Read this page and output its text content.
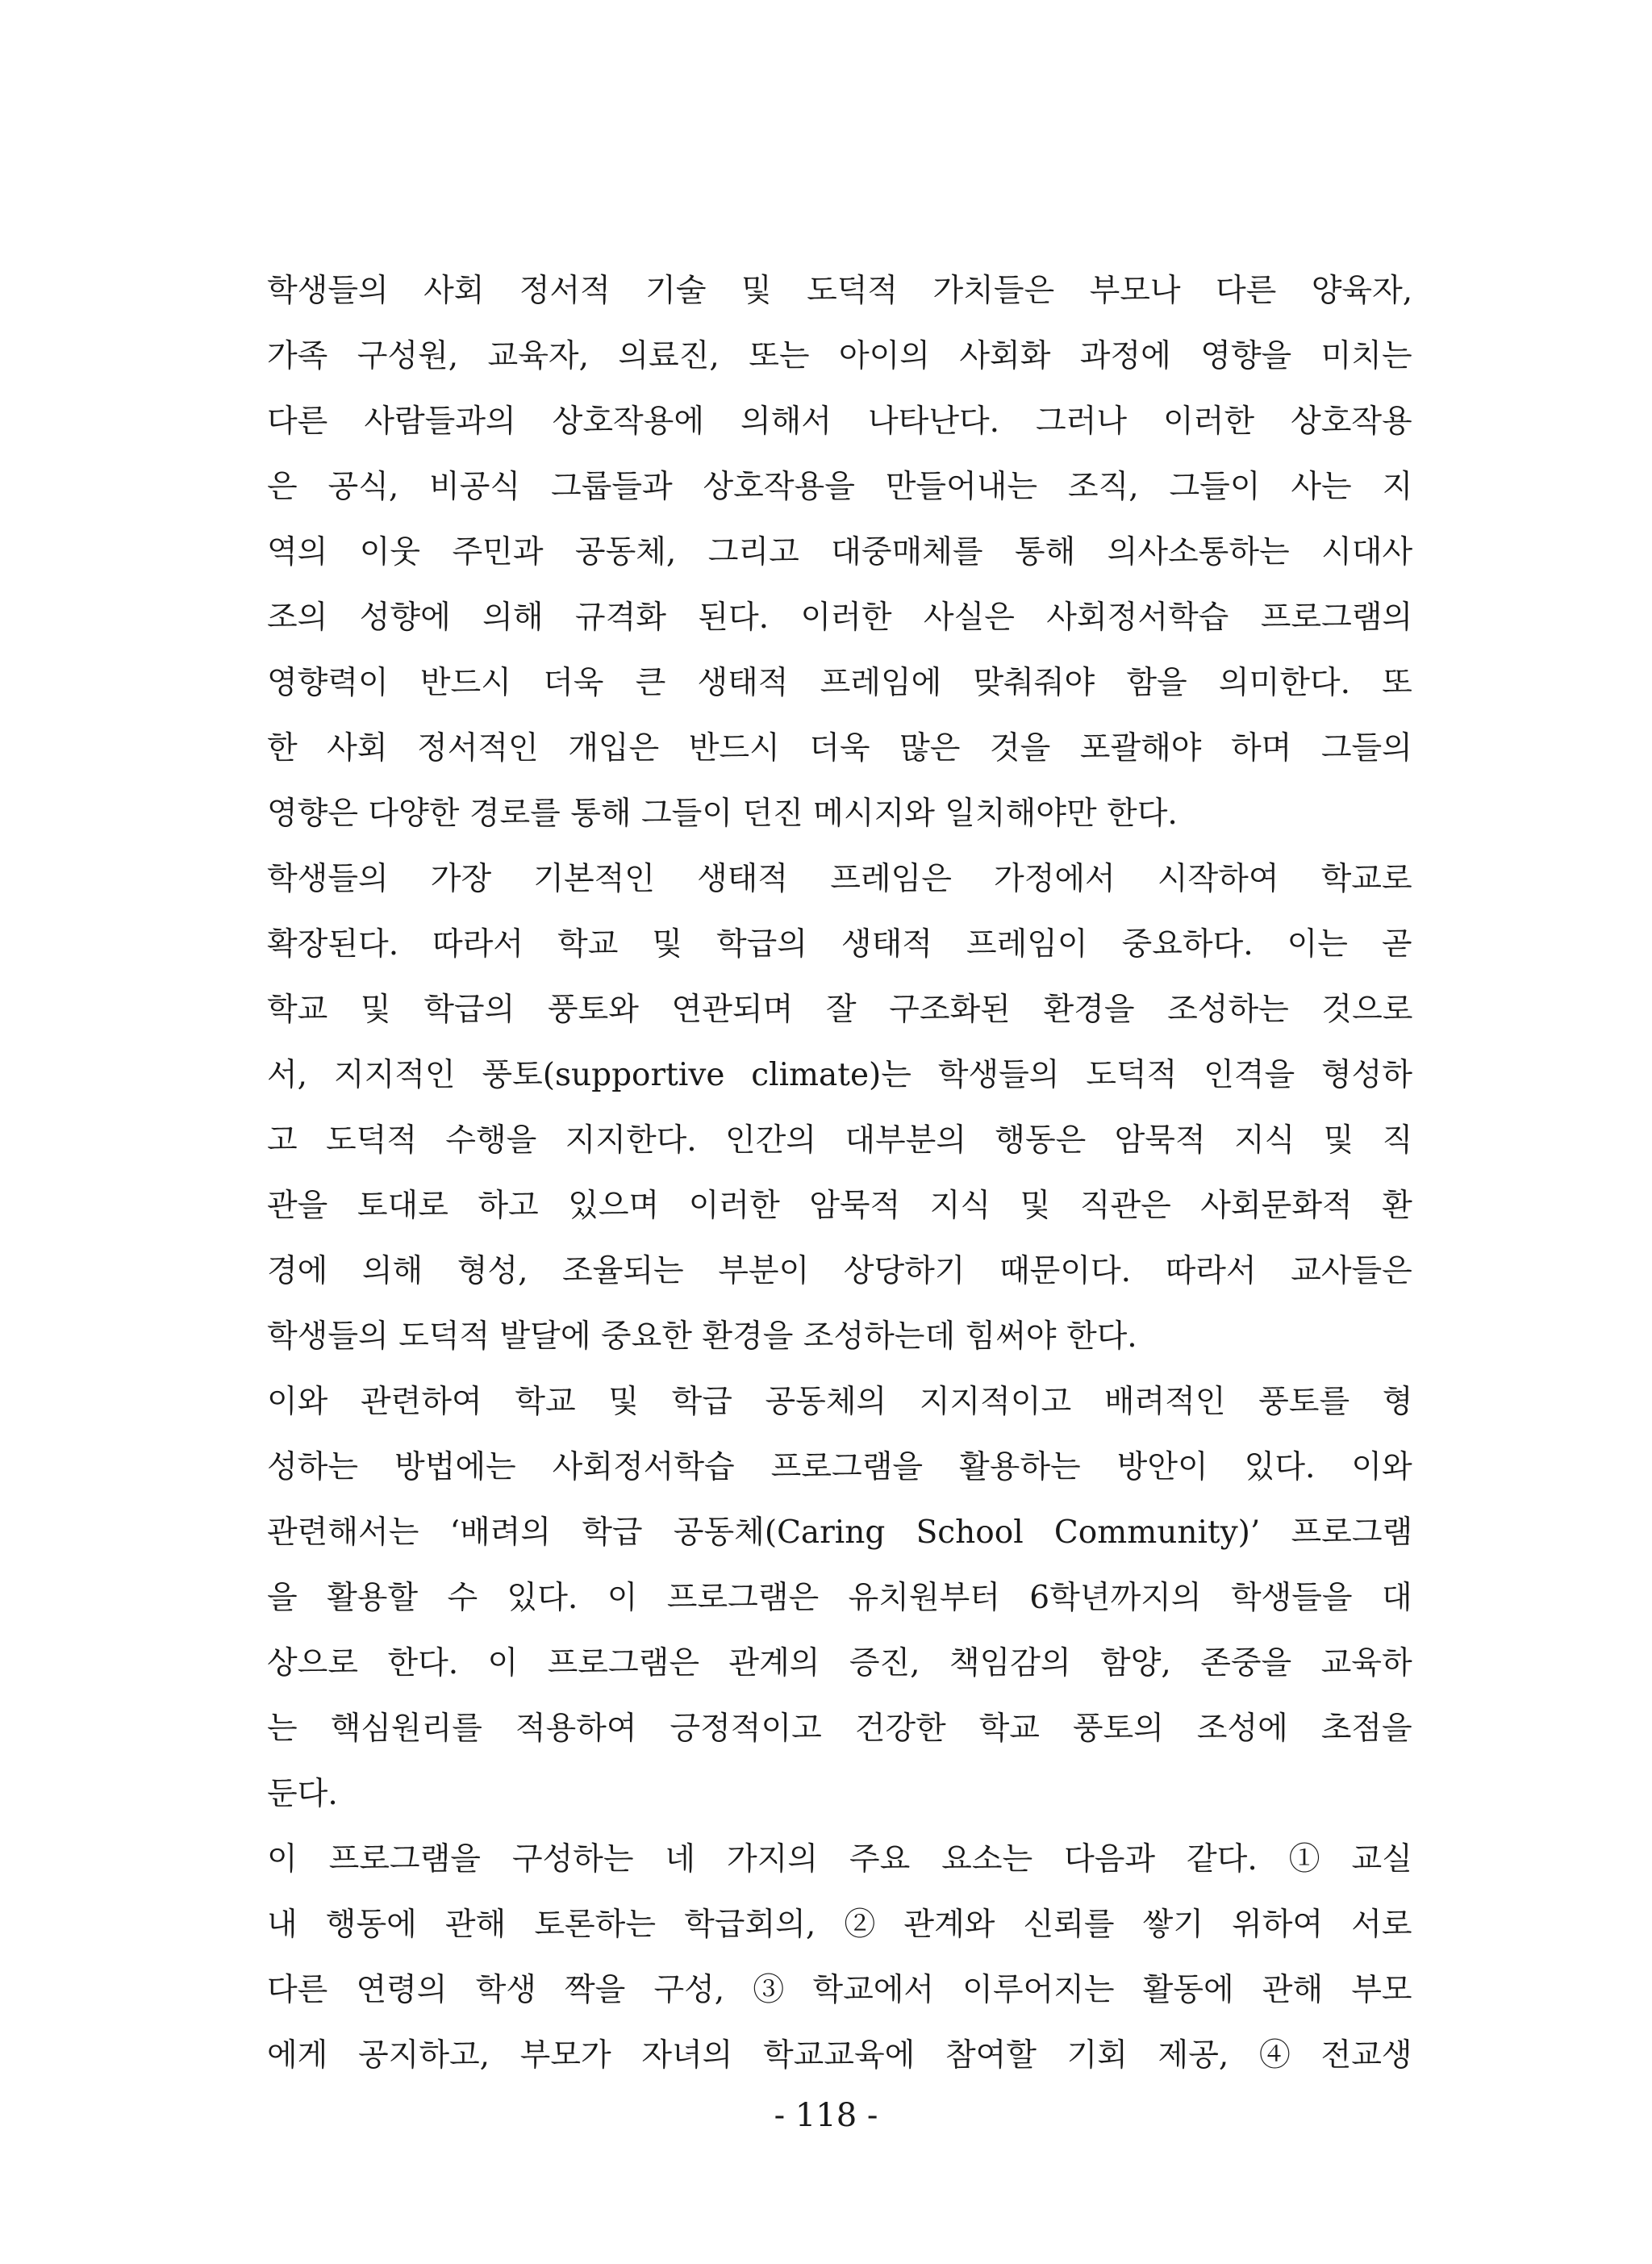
학생들의 사회 정서적 기술 및 도덕적 가치들은 부모나 다른 양육자,
가족 구성원, 교육자, 의료진, 또는 아이의 사회화 과정에 영향을 미치는
다른 사람들과의 상호작용에 의해서 나타난다. 그러나 이러한 상호작용
은 공식, 비공식 그룹들과 상호작용을 만들어내는 조직, 그들이 사는 지
역의 이웃 주민과 공동체, 그리고 대중매체를 통해 의사소통하는 시대사
조의 성향에 의해 규격화 된다. 이러한 사실은 사회정서학습 프로그램의
영향력이 반드시 더욱 큰 생태적 프레임에 맞춰줘야 함을 의미한다. 또
한 사회 정서적인 개입은 반드시 더욱 많은 것을 포괄해야 하며 그들의
영향은 다양한 경로를 통해 그들이 던진 메시지와 일치해야만 한다.
학생들의 가장 기본적인 생태적 프레임은 가정에서 시작하여 학교로
확장된다. 따라서 학교 및 학급의 생태적 프레임이 중요하다. 이는 곧
학교 및 학급의 풍토와 연관되며 잘 구조화된 환경을 조성하는 것으로
서, 지지적인 풍토(supportive climate)는 학생들의 도덕적 인격을 형성하
고 도덕적 수행을 지지한다. 인간의 대부분의 행동은 암묵적 지식 및 직
관을 토대로 하고 있으며 이러한 암묵적 지식 및 직관은 사회문화적 환
경에 의해 형성, 조율되는 부분이 상당하기 때문이다. 따라서 교사들은
학생들의 도덕적 발달에 중요한 환경을 조성하는데 힘써야 한다.
이와 관련하여 학교 및 학급 공동체의 지지적이고 배려적인 풍토를 형
성하는 방법에는 사회정서학습 프로그램을 활용하는 방안이 있다. 이와
관련해서는 ‘배려의 학급 공동체(Caring School Community)’ 프로그램
을 활용할 수 있다. 이 프로그램은 유치원부터 6학년까지의 학생들을 대
상으로 한다. 이 프로그램은 관계의 증진, 책임감의 함양, 존중을 교육하
는 핵심원리를 적용하여 긍정적이고 건강한 학교 풍토의 조성에 초점을
둔다.
이 프로그램을 구성하는 네 가지의 주요 요소는 다음과 같다. ① 교실
내 행동에 관해 토론하는 학급회의, ② 관계와 신뢰를 쌓기 위하여 서로
다른 연령의 학생 짝을 구성, ③ 학교에서 이루어지는 활동에 관해 부모
에게 공지하고, 부모가 자녀의 학교교육에 참여할 기회 제공, ④ 전교생
- 118 -
